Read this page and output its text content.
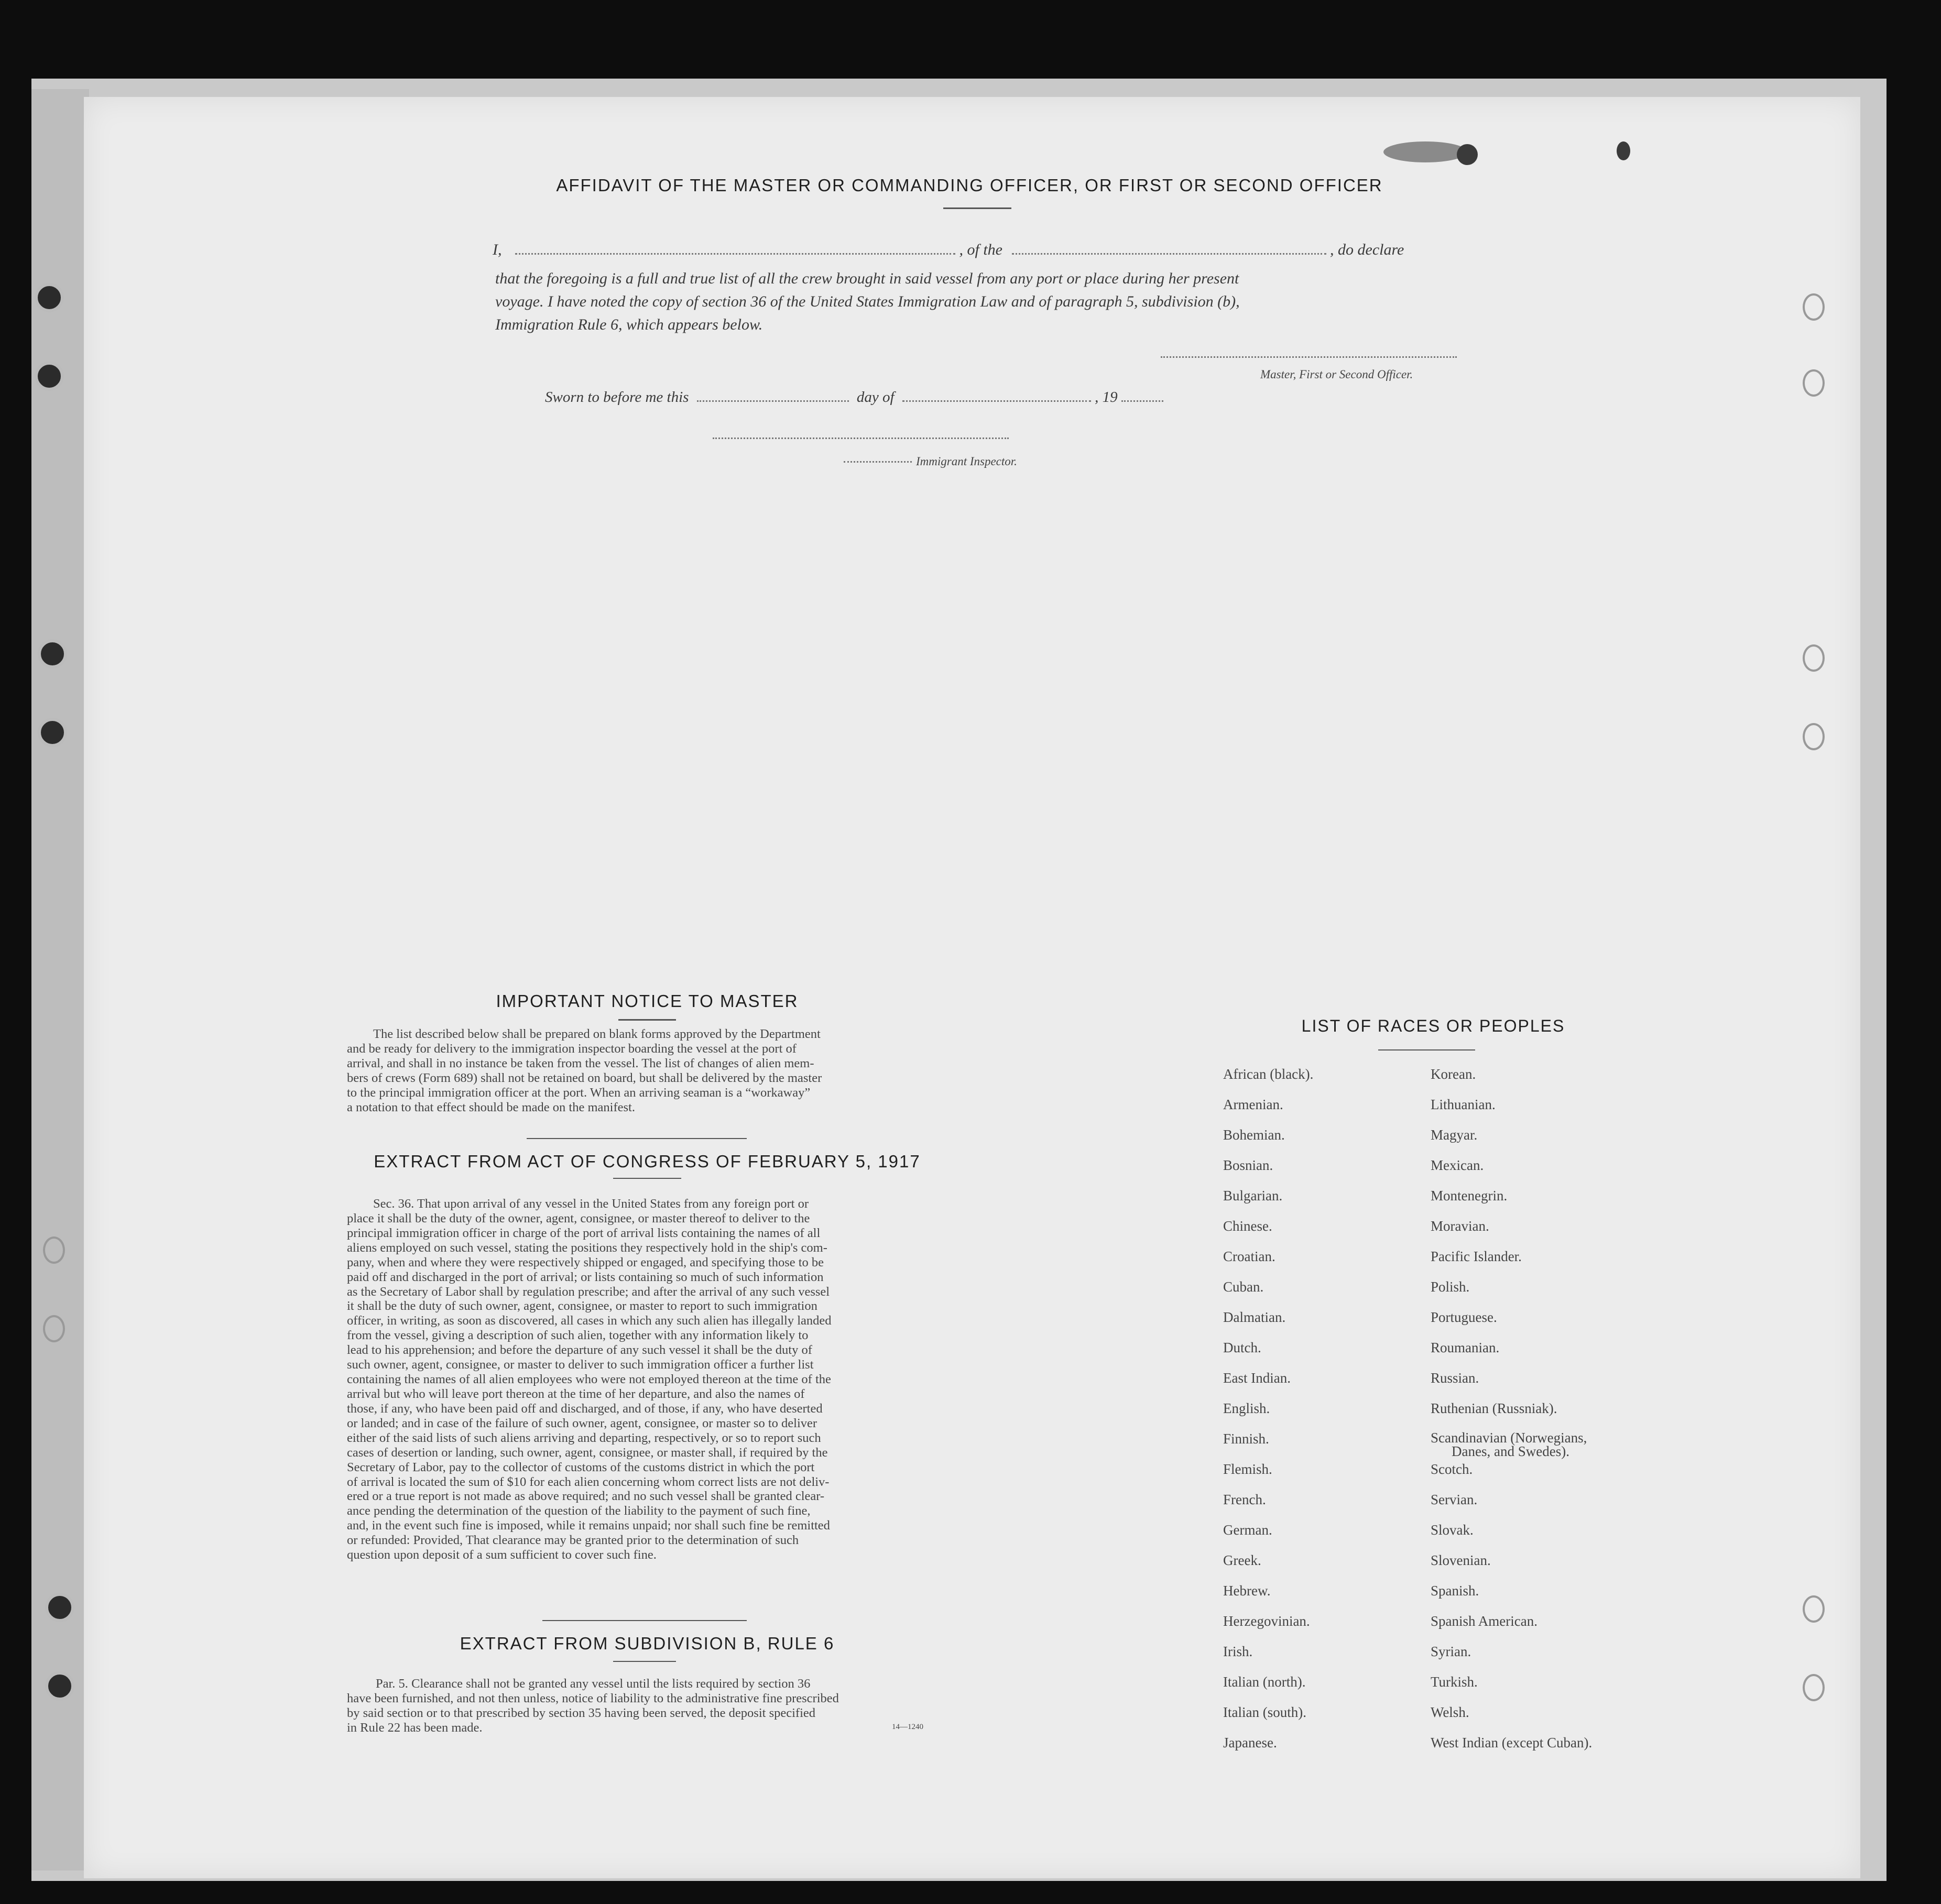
AFFIDAVIT OF THE MASTER OR COMMANDING OFFICER, OR FIRST OR SECOND OFFICER
I,	, of the	, do declare
that the foregoing is a full and true list of all the crew brought in said vessel from any port or place during her present
voyage. I have noted the copy of section 36 of the United States Immigration Law and of paragraph 5, subdivision (b),
Immigration Rule 6, which appears below.
Master, First or Second Officer.
Sworn to before me this	day of	, 19
Immigrant Inspector.
IMPORTANT NOTICE TO MASTER
The list described below shall be prepared on blank forms approved by the Department
and be ready for delivery to the immigration inspector boarding the vessel at the port of
arrival, and shall in no instance be taken from the vessel. The list of changes of alien mem-
bers of crews (Form 689) shall not be retained on board, but shall be delivered by the master
to the principal immigration officer at the port. When an arriving seaman is a “workaway”
a notation to that effect should be made on the manifest.
EXTRACT FROM ACT OF CONGRESS OF FEBRUARY 5, 1917
Sec. 36. That upon arrival of any vessel in the United States from any foreign port or
place it shall be the duty of the owner, agent, consignee, or master thereof to deliver to the
principal immigration officer in charge of the port of arrival lists containing the names of all
aliens employed on such vessel, stating the positions they respectively hold in the ship's com-
pany, when and where they were respectively shipped or engaged, and specifying those to be
paid off and discharged in the port of arrival; or lists containing so much of such information
as the Secretary of Labor shall by regulation prescribe; and after the arrival of any such vessel
it shall be the duty of such owner, agent, consignee, or master to report to such immigration
officer, in writing, as soon as discovered, all cases in which any such alien has illegally landed
from the vessel, giving a description of such alien, together with any information likely to
lead to his apprehension; and before the departure of any such vessel it shall be the duty of
such owner, agent, consignee, or master to deliver to such immigration officer a further list
containing the names of all alien employees who were not employed thereon at the time of the
arrival but who will leave port thereon at the time of her departure, and also the names of
those, if any, who have been paid off and discharged, and of those, if any, who have deserted
or landed; and in case of the failure of such owner, agent, consignee, or master so to deliver
either of the said lists of such aliens arriving and departing, respectively, or so to report such
cases of desertion or landing, such owner, agent, consignee, or master shall, if required by the
Secretary of Labor, pay to the collector of customs of the customs district in which the port
of arrival is located the sum of $10 for each alien concerning whom correct lists are not deliv-
ered or a true report is not made as above required; and no such vessel shall be granted clear-
ance pending the determination of the question of the liability to the payment of such fine,
and, in the event such fine is imposed, while it remains unpaid; nor shall such fine be remitted
or refunded: Provided, That clearance may be granted prior to the determination of such
question upon deposit of a sum sufficient to cover such fine.
EXTRACT FROM SUBDIVISION B, RULE 6
Par. 5. Clearance shall not be granted any vessel until the lists required by section 36
have been furnished, and not then unless, notice of liability to the administrative fine prescribed
by said section or to that prescribed by section 35 having been served, the deposit specified
in Rule 22 has been made.	14—1240
LIST OF RACES OR PEOPLES
African (black).
Armenian.
Bohemian.
Bosnian.
Bulgarian.
Chinese.
Croatian.
Cuban.
Dalmatian.
Dutch.
East Indian.
English.
Finnish.
Flemish.
French.
German.
Greek.
Hebrew.
Herzegovinian.
Irish.
Italian (north).
Italian (south).
Japanese.
Korean.
Lithuanian.
Magyar.
Mexican.
Montenegrin.
Moravian.
Pacific Islander.
Polish.
Portuguese.
Roumanian.
Russian.
Ruthenian (Russniak).
Scandinavian (Norwegians,
Danes, and Swedes).
Scotch.
Servian.
Slovak.
Slovenian.
Spanish.
Spanish American.
Syrian.
Turkish.
Welsh.
West Indian (except Cuban).
